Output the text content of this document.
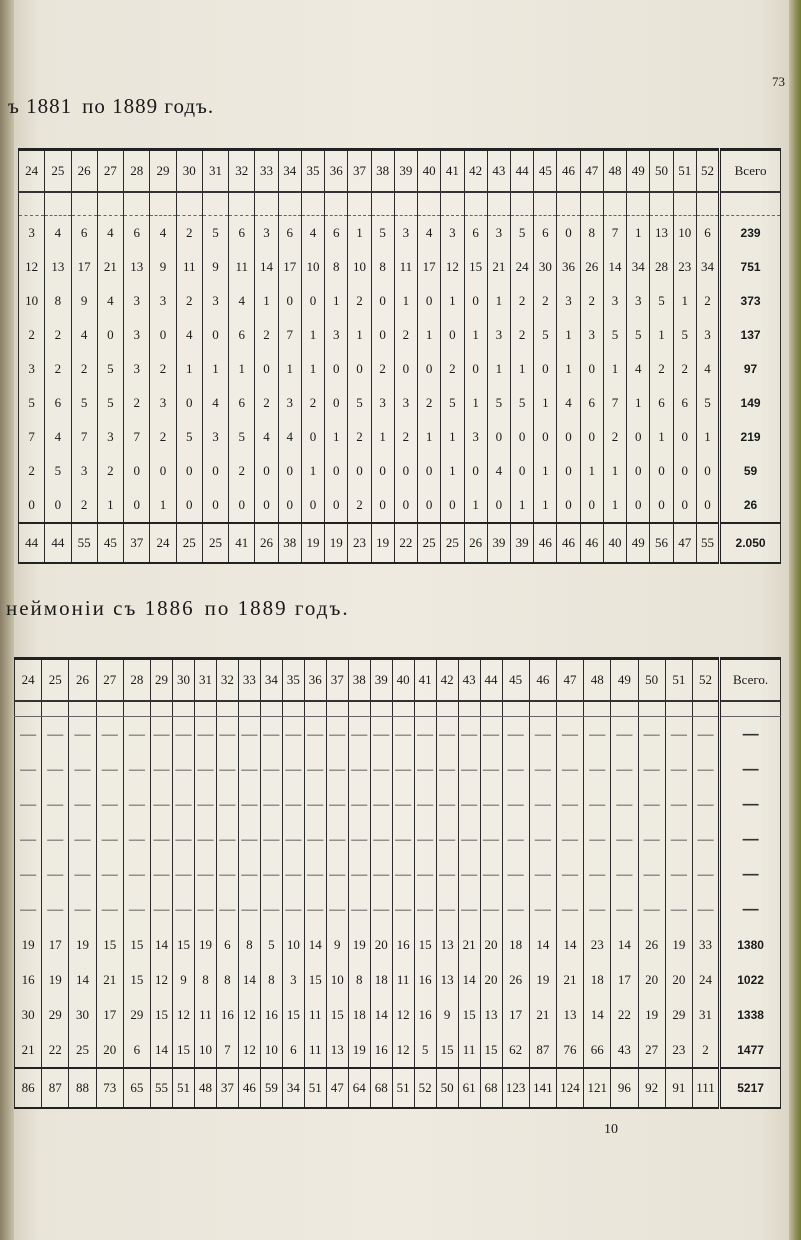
73
ъ 1881 по 1889 годъ.
24	25	26	27	28	29	30	31	32	33	34	35	36	37	38	39	40	41	42	43	44	45	46	47	48	49	50	51	52	Всего

3	4	6	4	6	4	2	5	6	3	6	4	6	1	5	3	4	3	6	3	5	6	0	8	7	1	13	10	6	239
12	13	17	21	13	9	11	9	11	14	17	10	8	10	8	11	17	12	15	21	24	30	36	26	14	34	28	23	34	751
10	8	9	4	3	3	2	3	4	1	0	0	1	2	0	1	0	1	0	1	2	2	3	2	3	3	5	1	2	373
2	2	4	0	3	0	4	0	6	2	7	1	3	1	0	2	1	0	1	3	2	5	1	3	5	5	1	5	3	137
3	2	2	5	3	2	1	1	1	0	1	1	0	0	2	0	0	2	0	1	1	0	1	0	1	4	2	2	4	97
5	6	5	5	2	3	0	4	6	2	3	2	0	5	3	3	2	5	1	5	5	1	4	6	7	1	6	6	5	149
7	4	7	3	7	2	5	3	5	4	4	0	1	2	1	2	1	1	3	0	0	0	0	0	2	0	1	0	1	219
2	5	3	2	0	0	0	0	2	0	0	1	0	0	0	0	0	1	0	4	0	1	0	1	1	0	0	0	0	59
0	0	2	1	0	1	0	0	0	0	0	0	0	2	0	0	0	0	1	0	1	1	0	0	1	0	0	0	0	26
44	44	55	45	37	24	25	25	41	26	38	19	19	23	19	22	25	25	26	39	39	46	46	46	40	49	56	47	55	2.050
неймоніи съ 1886 по 1889 годъ.
24	25	26	27	28	29	30	31	32	33	34	35	36	37	38	39	40	41	42	43	44	45	46	47	48	49	50	51	52	Всего.

—	—	—	—	—	—	—	—	—	—	—	—	—	—	—	—	—	—	—	—	—	—	—	—	—	—	—	—	—	—
—	—	—	—	—	—	—	—	—	—	—	—	—	—	—	—	—	—	—	—	—	—	—	—	—	—	—	—	—	—
—	—	—	—	—	—	—	—	—	—	—	—	—	—	—	—	—	—	—	—	—	—	—	—	—	—	—	—	—	—
—	—	—	—	—	—	—	—	—	—	—	—	—	—	—	—	—	—	—	—	—	—	—	—	—	—	—	—	—	—
—	—	—	—	—	—	—	—	—	—	—	—	—	—	—	—	—	—	—	—	—	—	—	—	—	—	—	—	—	—
—	—	—	—	—	—	—	—	—	—	—	—	—	—	—	—	—	—	—	—	—	—	—	—	—	—	—	—	—	—
19	17	19	15	15	14	15	19	6	8	5	10	14	9	19	20	16	15	13	21	20	18	14	14	23	14	26	19	33	1380
16	19	14	21	15	12	9	8	8	14	8	3	15	10	8	18	11	16	13	14	20	26	19	21	18	17	20	20	24	1022
30	29	30	17	29	15	12	11	16	12	16	15	11	15	18	14	12	16	9	15	13	17	21	13	14	22	19	29	31	1338
21	22	25	20	6	14	15	10	7	12	10	6	11	13	19	16	12	5	15	11	15	62	87	76	66	43	27	23	2	1477
86	87	88	73	65	55	51	48	37	46	59	34	51	47	64	68	51	52	50	61	68	123	141	124	121	96	92	91	111	5217
10
